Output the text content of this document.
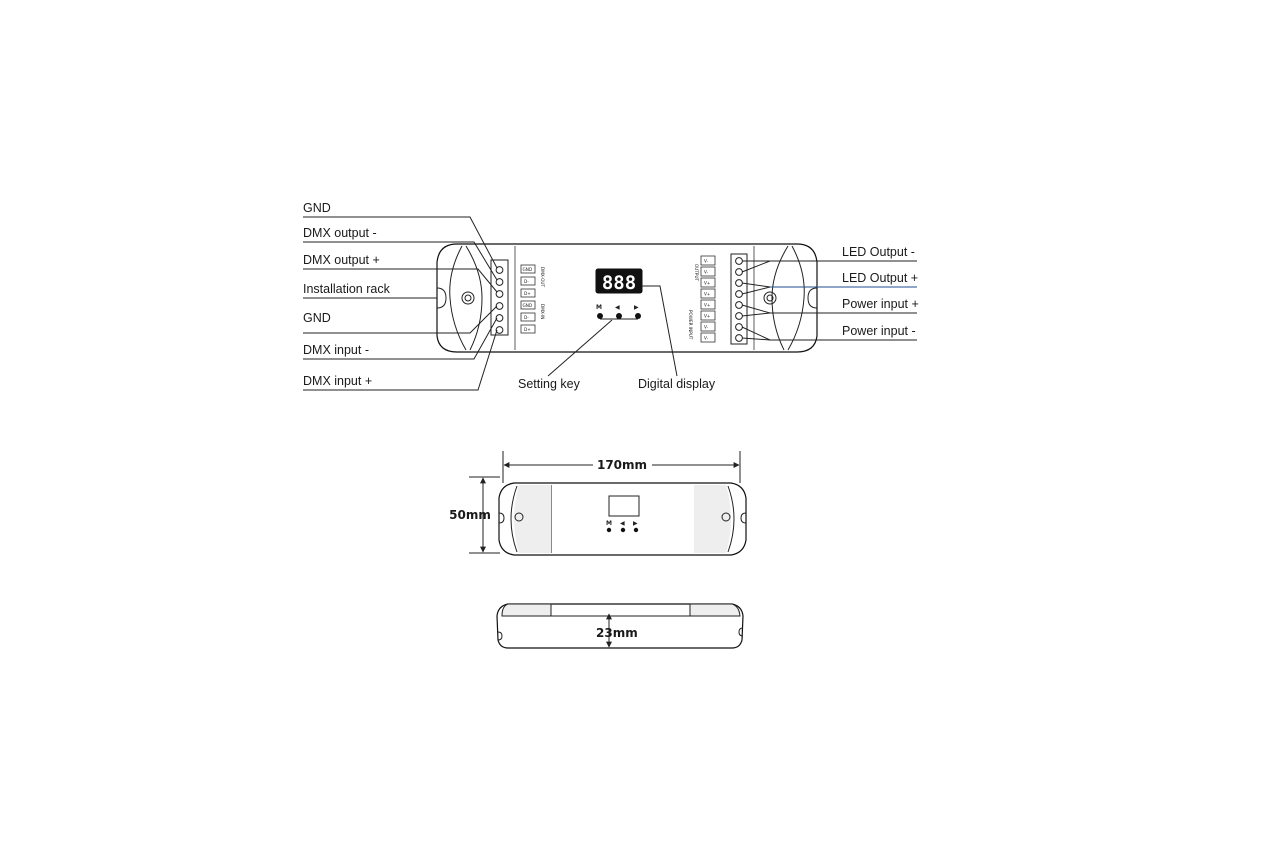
GND
D-
D+
DMX-OUT
GND
D-
D+
DMX-IN
888
M ◀ ▶
V-
V-
V+
V+
OUTPUT
V+
V+
V-
V-
POWER INPUT
GND
DMX output -
DMX output +
Installation rack
GND
DMX input -
DMX input +
LED Output -
LED Output +
Power input +
Power input -
Setting key	Digital display
M ◀ ▶
170mm
50mm
23mm
